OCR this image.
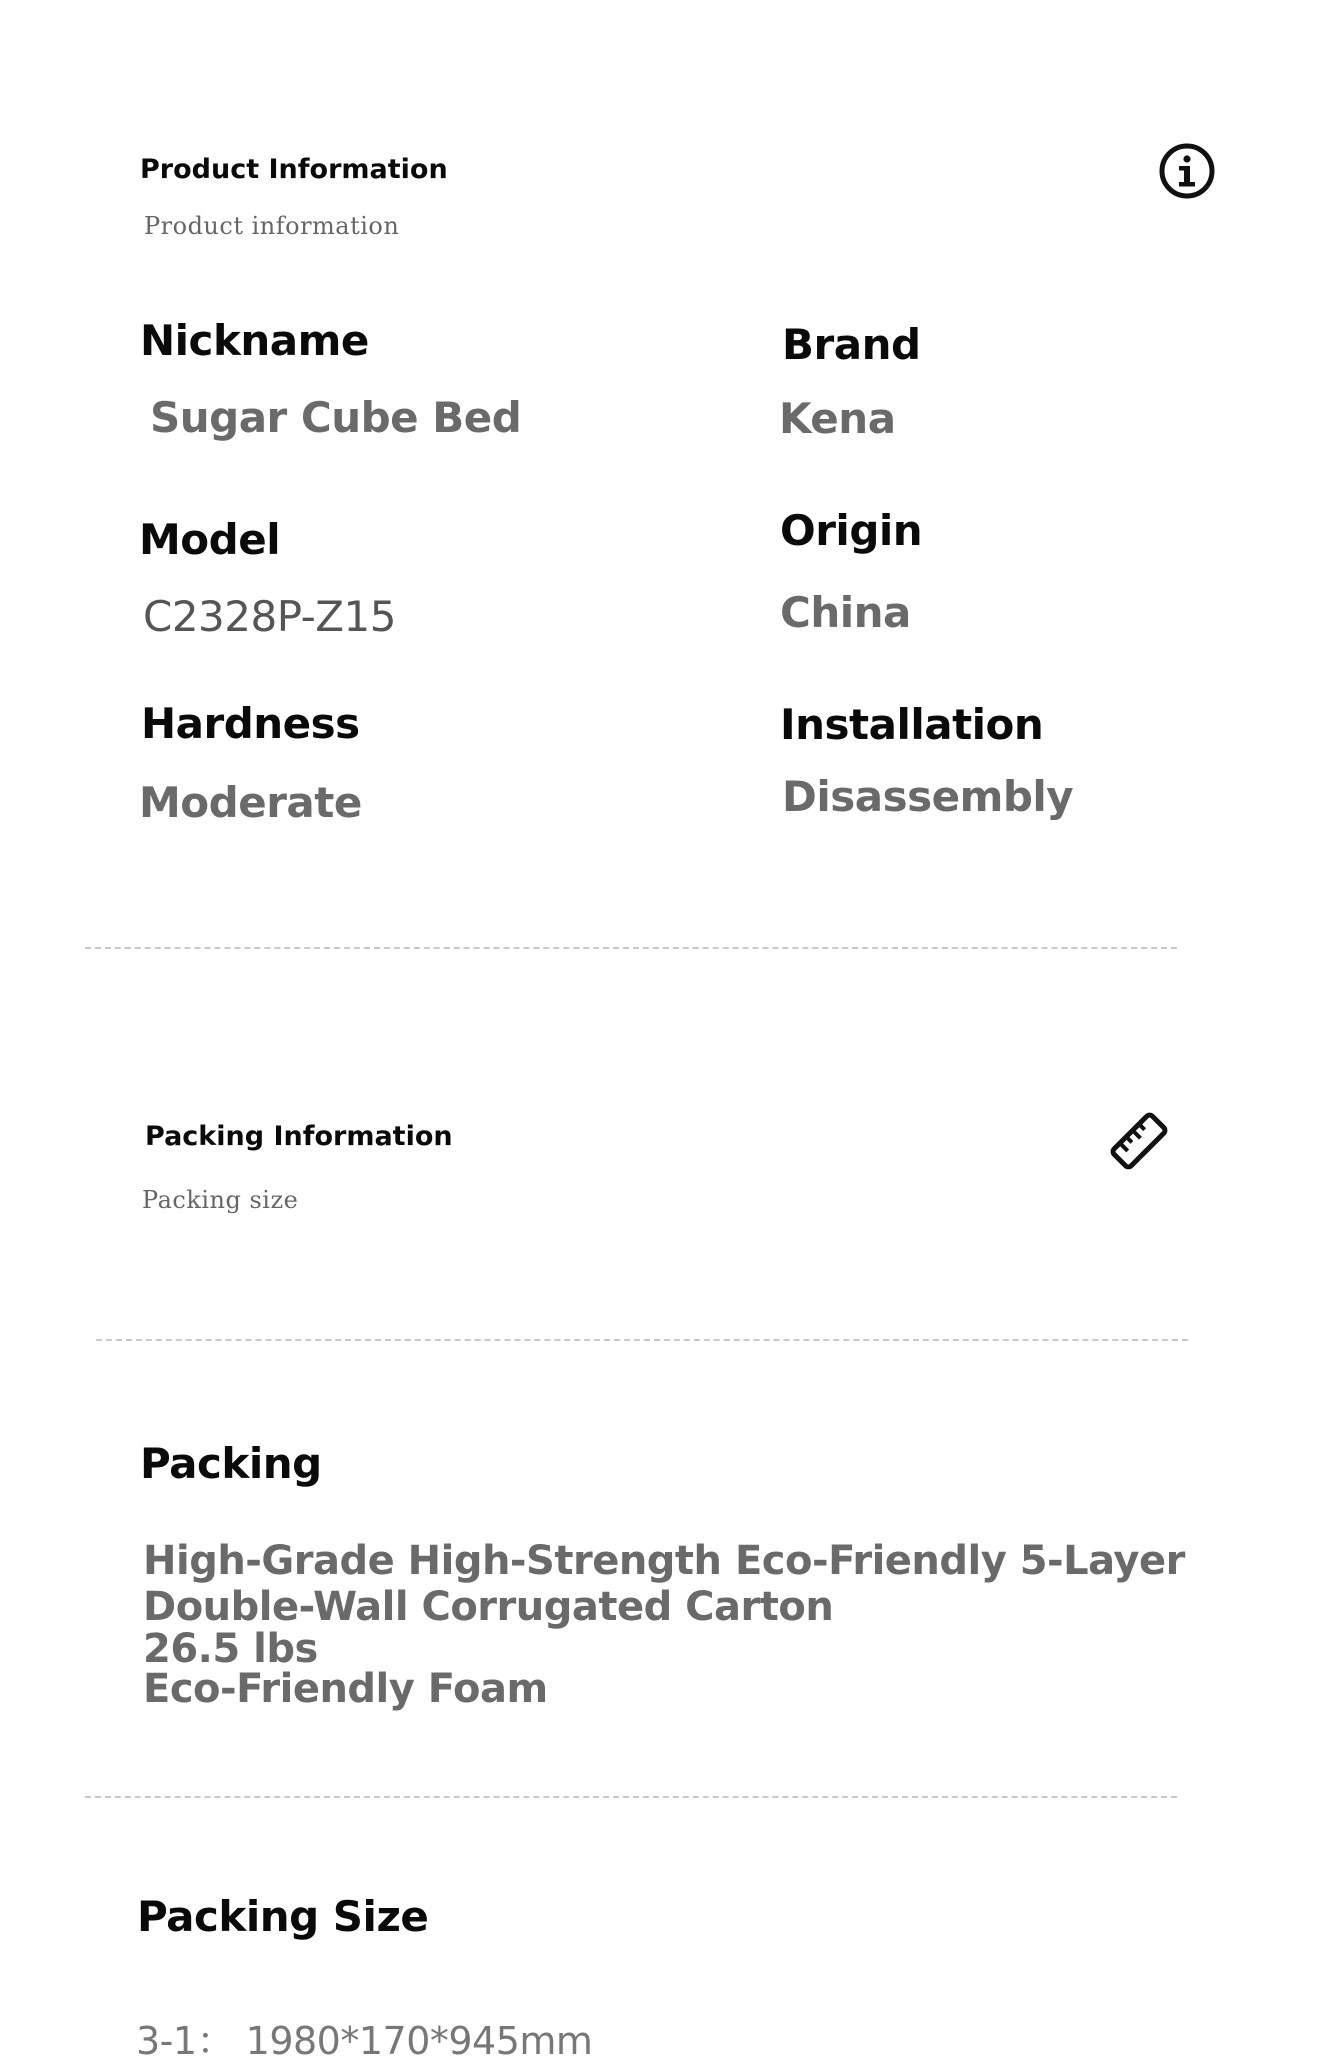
Product Information
Product information
Nickname
Sugar Cube Bed
Brand
Kena
Model
C2328P-Z15
Origin
China
Hardness
Moderate
Installation
Disassembly
Packing Information
Packing size
Packing
High-Grade High-Strength Eco-Friendly 5-Layer
Double-Wall Corrugated Carton
26.5 lbs
Eco-Friendly Foam
Packing Size
3-1： 1980*170*945mm
